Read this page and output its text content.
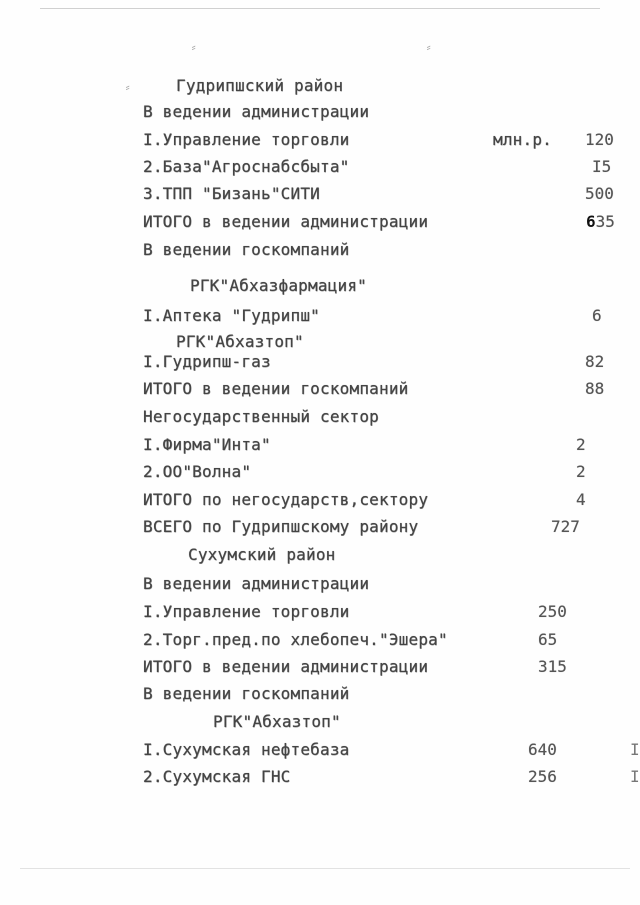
⸗	⸗
⸗	Гудрипшский район
В ведении администрации
I.Управление торговли	млн.р. 120
2.База"Агроснабсбыта"	I5
3.ТПП "Бизань"СИТИ	500
ИТОГО в ведении администрации	635
В ведении госкомпаний
РГК"Абхазфармация"
I.Аптека "Гудрипш"	6
РГК"Абхазтоп"
I.Гудрипш-газ	82
ИТОГО в ведении госкомпаний	88
Негосударственный сектор
I.Фирма"Инта"	2
2.ОО"Волна"	2
ИТОГО по негосударств,сектору	4
ВСЕГО по Гудрипшскому району	727
Сухумский район
В ведении администрации
I.Управление торговли	250
2.Торг.пред.по хлебопеч."Эшера"	65
ИТОГО в ведении администрации	315
В ведении госкомпаний
РГК"Абхазтоп"
I.Сухумская нефтебаза	640	I
2.Сухумская ГНС	256	I
